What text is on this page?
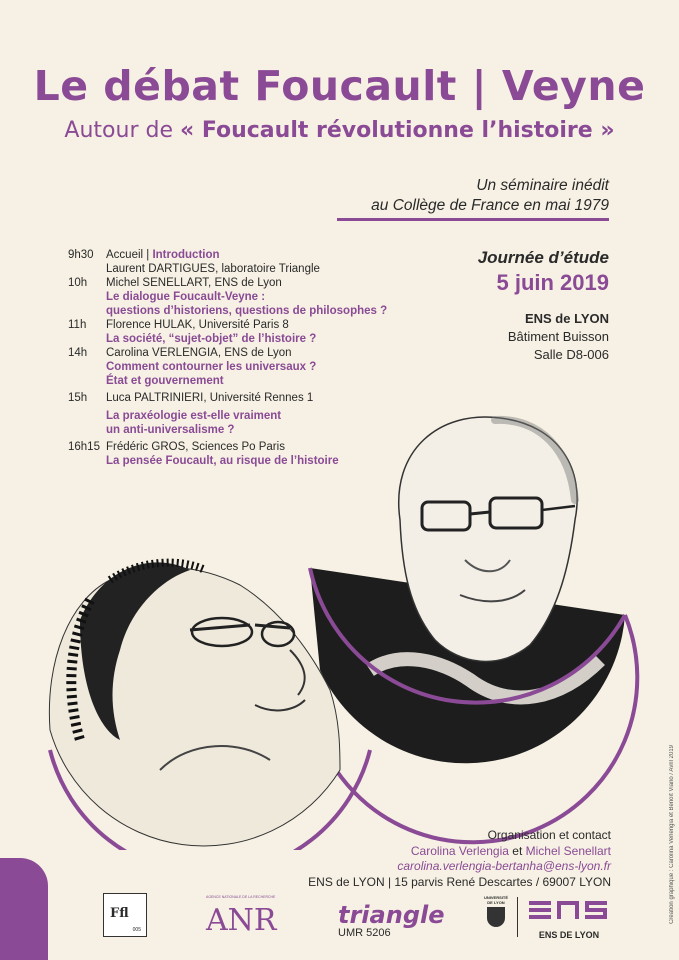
Le débat Foucault | Veyne
Autour de « Foucault révolutionne l’histoire »
Un séminaire inédit
au Collège de France en mai 1979
9h30	Accueil | Introduction
Laurent DARTIGUES, laboratoire Triangle
10h	Michel SENELLART, ENS de Lyon
Le dialogue Foucault-Veyne :
questions d’historiens, questions de philosophes ?
11h	Florence HULAK, Université Paris 8
La société, “sujet-objet” de l’histoire ?
14h	Carolina VERLENGIA, ENS de Lyon
Comment contourner les universaux ?
État et gouvernement
15h	Luca PALTRINIERI, Université Rennes 1
La praxéologie est-elle vraiment
un anti-universalisme ?
16h15 Frédéric GROS, Sciences Po Paris
La pensée Foucault, au risque de l’histoire
Journée d’étude
5 juin 2019
ENS de LYON
Bâtiment Buisson
Salle D8-006
Organisation et contact
Carolina Verlengia et Michel Senellart
carolina.verlengia-bertanha@ens-lyon.fr
ENS de LYON | 15 parvis René Descartes / 69007 LYON	Création graphique : Carolina Verlengia et Benoît Viano / Avril 2019
Ffl
005
AGENCE NATIONALE DE LA RECHERCHE
ANR	triangle
UMR 5206
UNIVERSITÉ DE LYON
ENS DE LYON
